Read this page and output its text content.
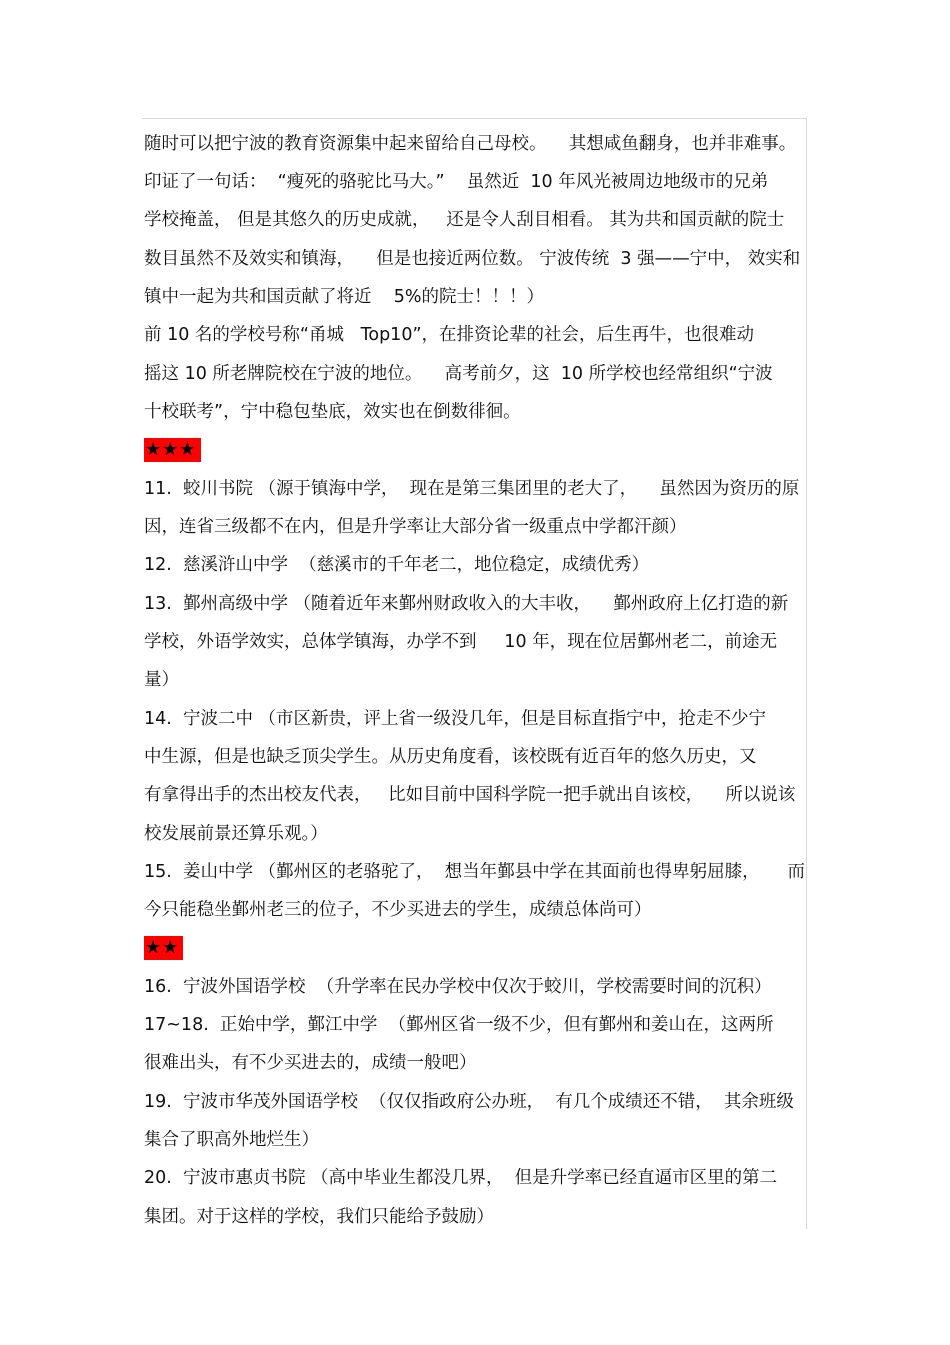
随时可以把宁波的教育资源集中起来留给自己母校。    其想咸鱼翻身，也并非难事。
印证了一句话：  “瘦死的骆驼比马大。”    虽然近  10 年风光被周边地级市的兄弟
学校掩盖， 但是其悠久的历史成就，   还是令人刮目相看。 其为共和国贡献的院士
数目虽然不及效实和镇海，    但是也接近两位数。 宁波传统  3 强——宁中， 效实和
镇中一起为共和国贡献了将近    5%的院士！！！）
前 10 名的学校号称“甬城   Top10”，在排资论辈的社会，后生再牛，也很难动
摇这 10 所老牌院校在宁波的地位。    高考前夕，这  10 所学校也经常组织“宁波
十校联考”，宁中稳包垫底，效实也在倒数徘徊。
★★★
11.  蛟川书院 （源于镇海中学，  现在是第三集团里的老大了，    虽然因为资历的原
因，连省三级都不在内，但是升学率让大部分省一级重点中学都汗颜）
12.  慈溪浒山中学  （慈溪市的千年老二，地位稳定，成绩优秀）
13.  鄞州高级中学 （随着近年来鄞州财政收入的大丰收，    鄞州政府上亿打造的新
学校，外语学效实，总体学镇海，办学不到     10 年，现在位居鄞州老二，前途无
量）
14.  宁波二中 （市区新贵，评上省一级没几年，但是目标直指宁中，抢走不少宁
中生源，但是也缺乏顶尖学生。从历史角度看，该校既有近百年的悠久历史，又
有拿得出手的杰出校友代表，   比如目前中国科学院一把手就出自该校，    所以说该
校发展前景还算乐观。）
15.  姜山中学 （鄞州区的老骆驼了，  想当年鄞县中学在其面前也得卑躬屈膝，     而
今只能稳坐鄞州老三的位子，不少买进去的学生，成绩总体尚可）
★★
16.  宁波外国语学校  （升学率在民办学校中仅次于蛟川，学校需要时间的沉积）
17~18.  正始中学，鄞江中学  （鄞州区省一级不少，但有鄞州和姜山在，这两所
很难出头，有不少买进去的，成绩一般吧）
19.  宁波市华茂外国语学校  （仅仅指政府公办班，  有几个成绩还不错，  其余班级
集合了职高外地烂生）
20.  宁波市惠贞书院 （高中毕业生都没几界，  但是升学率已经直逼市区里的第二
集团。对于这样的学校，我们只能给予鼓励）
